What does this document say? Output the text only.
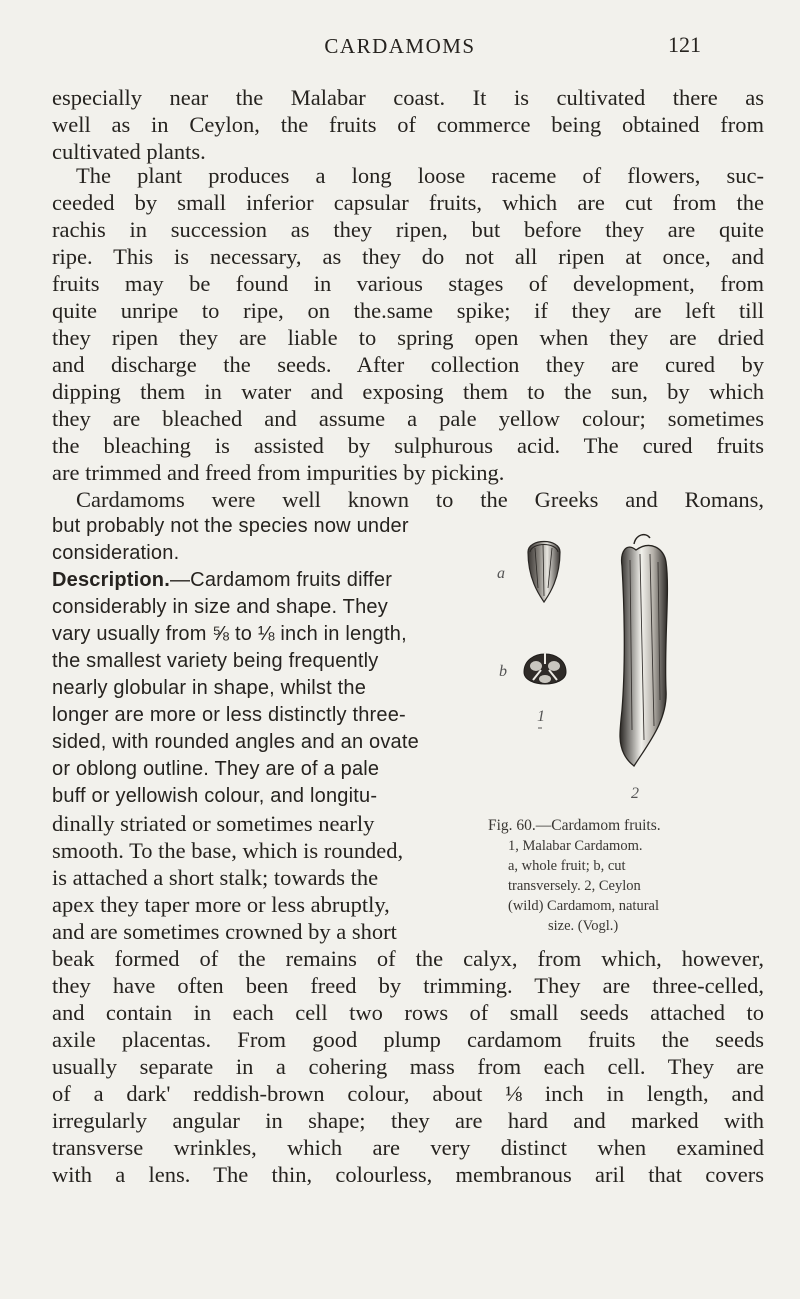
CARDAMOMS	121
especially near the Malabar coast. It is cultivated there as
well as in Ceylon, the fruits of commerce being obtained from
cultivated plants.
The plant produces a long loose raceme of flowers, suc-
ceeded by small inferior capsular fruits, which are cut from the
rachis in succession as they ripen, but before they are quite
ripe. This is necessary, as they do not all ripen at once, and
fruits may be found in various stages of development, from
quite unripe to ripe, on the.same spike; if they are left till
they ripen they are liable to spring open when they are dried
and discharge the seeds. After collection they are cured by
dipping them in water and exposing them to the sun, by which
they are bleached and assume a pale yellow colour; sometimes
the bleaching is assisted by sulphurous acid. The cured fruits
are trimmed and freed from impurities by picking.
Cardamoms were well known to the Greeks and Romans,
but probably not the species now under
consideration.
Description.—Cardamom fruits differ
considerably in size and shape. They
vary usually from ⅝ to ⅛ inch in length,
the smallest variety being frequently
nearly globular in shape, whilst the
longer are more or less distinctly three-
sided, with rounded angles and an ovate
or oblong outline. They are of a pale
buff or yellowish colour, and longitu-
dinally striated or sometimes nearly
smooth. To the base, which is rounded,
is attached a short stalk; towards the
apex they taper more or less abruptly,
and are sometimes crowned by a short
a
b
1
2
Fig. 60.—Cardamom fruits.
1, Malabar Cardamom.
a, whole fruit; b, cut
transversely. 2, Ceylon
(wild) Cardamom, natural
size. (Vogl.)
beak formed of the remains of the calyx, from which, however,
they have often been freed by trimming. They are three-celled,
and contain in each cell two rows of small seeds attached to
axile placentas. From good plump cardamom fruits the seeds
usually separate in a cohering mass from each cell. They are
of a dark' reddish-brown colour, about ⅛ inch in length, and
irregularly angular in shape; they are hard and marked with
transverse wrinkles, which are very distinct when examined
with a lens. The thin, colourless, membranous aril that covers
